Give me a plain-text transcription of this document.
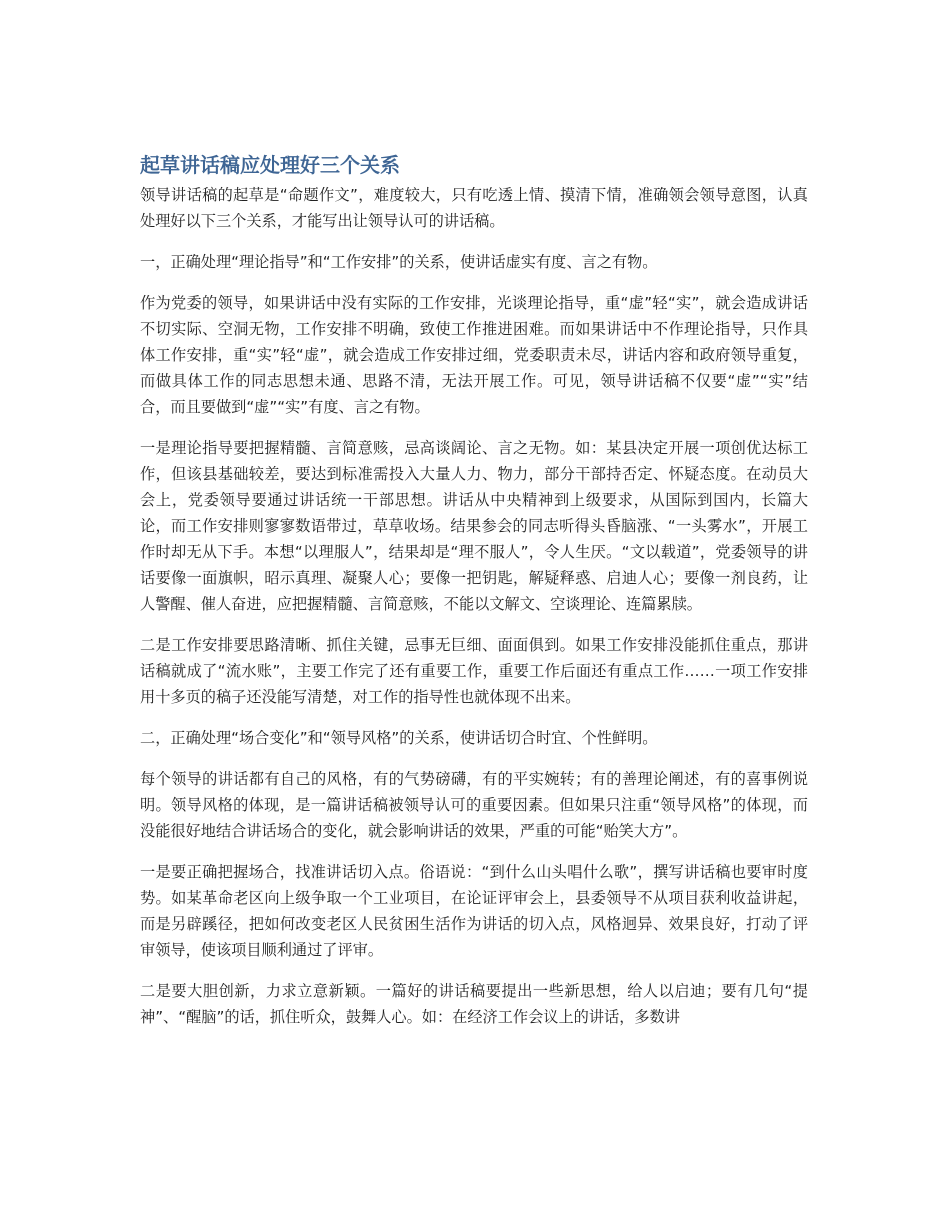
起草讲话稿应处理好三个关系

领导讲话稿的起草是“命题作文”，难度较大，只有吃透上情、摸清下情，准确领会领导意图，认真处理好以下三个关系，才能写出让领导认可的讲话稿。

一，正确处理“理论指导”和“工作安排”的关系，使讲话虚实有度、言之有物。

作为党委的领导，如果讲话中没有实际的工作安排，光谈理论指导，重“虚”轻“实”，就会造成讲话不切实际、空洞无物，工作安排不明确，致使工作推进困难。而如果讲话中不作理论指导，只作具体工作安排，重“实”轻“虚”，就会造成工作安排过细，党委职责未尽，讲话内容和政府领导重复，而做具体工作的同志思想未通、思路不清，无法开展工作。可见，领导讲话稿不仅要“虚”“实”结合，而且要做到“虚”“实”有度、言之有物。

一是理论指导要把握精髓、言简意赅，忌高谈阔论、言之无物。如：某县决定开展一项创优达标工作，但该县基础较差，要达到标准需投入大量人力、物力，部分干部持否定、怀疑态度。在动员大会上，党委领导要通过讲话统一干部思想。讲话从中央精神到上级要求，从国际到国内，长篇大论，而工作安排则寥寥数语带过，草草收场。结果参会的同志听得头昏脑涨、“一头雾水”，开展工作时却无从下手。本想“以理服人”，结果却是“理不服人”，令人生厌。“文以载道”，党委领导的讲话要像一面旗帜，昭示真理、凝聚人心；要像一把钥匙，解疑释惑、启迪人心；要像一剂良药，让人警醒、催人奋进，应把握精髓、言简意赅，不能以文解文、空谈理论、连篇累牍。

二是工作安排要思路清晰、抓住关键，忌事无巨细、面面俱到。如果工作安排没能抓住重点，那讲话稿就成了“流水账”，主要工作完了还有重要工作，重要工作后面还有重点工作……一项工作安排用十多页的稿子还没能写清楚，对工作的指导性也就体现不出来。

二，正确处理“场合变化”和“领导风格”的关系，使讲话切合时宜、个性鲜明。

每个领导的讲话都有自己的风格，有的气势磅礴，有的平实婉转；有的善理论阐述，有的喜事例说明。领导风格的体现，是一篇讲话稿被领导认可的重要因素。但如果只注重“领导风格”的体现，而没能很好地结合讲话场合的变化，就会影响讲话的效果，严重的可能“贻笑大方”。

一是要正确把握场合，找准讲话切入点。俗语说：“到什么山头唱什么歌”，撰写讲话稿也要审时度势。如某革命老区向上级争取一个工业项目，在论证评审会上，县委领导不从项目获利收益讲起，而是另辟蹊径，把如何改变老区人民贫困生活作为讲话的切入点，风格迥异、效果良好，打动了评审领导，使该项目顺利通过了评审。

二是要大胆创新，力求立意新颖。一篇好的讲话稿要提出一些新思想，给人以启迪；要有几句“提神”、“醒脑”的话，抓住听众，鼓舞人心。如：在经济工作会议上的讲话，多数讲
